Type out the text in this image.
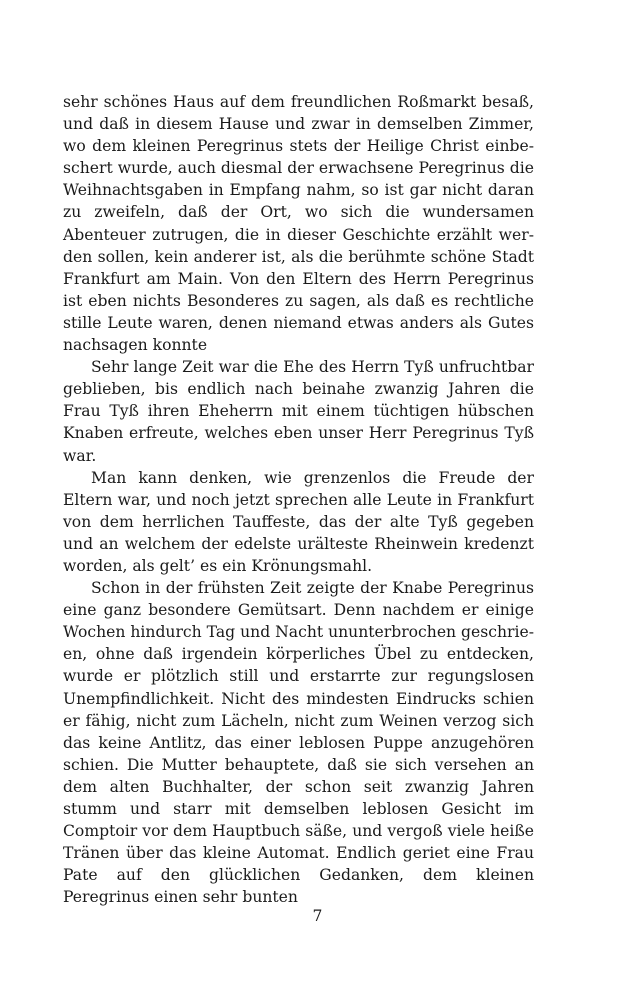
sehr schönes Haus auf dem freundlichen Roßmarkt besaß, und daß in diesem Hause und zwar in demselben Zimmer, wo dem kleinen Peregrinus stets der Heilige Christ einbeschert wurde, auch diesmal der erwachsene Peregrinus die Weihnachtsgaben in Empfang nahm, so ist gar nicht daran zu zweifeln, daß der Ort, wo sich die wundersamen Abenteuer zutrugen, die in dieser Geschichte erzählt werden sollen, kein anderer ist, als die berühmte schöne Stadt Frankfurt am Main. Von den Eltern des Herrn Peregrinus ist eben nichts Besonderes zu sagen, als daß es rechtliche stille Leute waren, denen niemand etwas anders als Gutes nachsagen konnte

Sehr lange Zeit war die Ehe des Herrn Tyß unfruchtbar geblieben, bis endlich nach beinahe zwanzig Jahren die Frau Tyß ihren Eheherrn mit einem tüchtigen hübschen Knaben erfreute, welches eben unser Herr Peregrinus Tyß war.

Man kann denken, wie grenzenlos die Freude der Eltern war, und noch jetzt sprechen alle Leute in Frankfurt von dem herrlichen Tauffeste, das der alte Tyß gegeben und an welchem der edelste urälteste Rheinwein kredenzt worden, als gelt’ es ein Krönungsmahl.

Schon in der frühsten Zeit zeigte der Knabe Peregrinus eine ganz besondere Gemütsart. Denn nachdem er einige Wochen hindurch Tag und Nacht ununterbrochen geschrieen, ohne daß irgendein körperliches Übel zu entdecken, wurde er plötzlich still und erstarrte zur regungslosen Unempfindlichkeit. Nicht des mindesten Eindrucks schien er fähig, nicht zum Lächeln, nicht zum Weinen verzog sich das keine Antlitz, das einer leblosen Puppe anzugehören schien. Die Mutter behauptete, daß sie sich versehen an dem alten Buchhalter, der schon seit zwanzig Jahren stumm und starr mit demselben leblosen Gesicht im Comptoir vor dem Hauptbuch säße, und vergoß viele heiße Tränen über das kleine Automat. Endlich geriet eine Frau Pate auf den glücklichen Gedanken, dem kleinen Peregrinus einen sehr bunten

7
